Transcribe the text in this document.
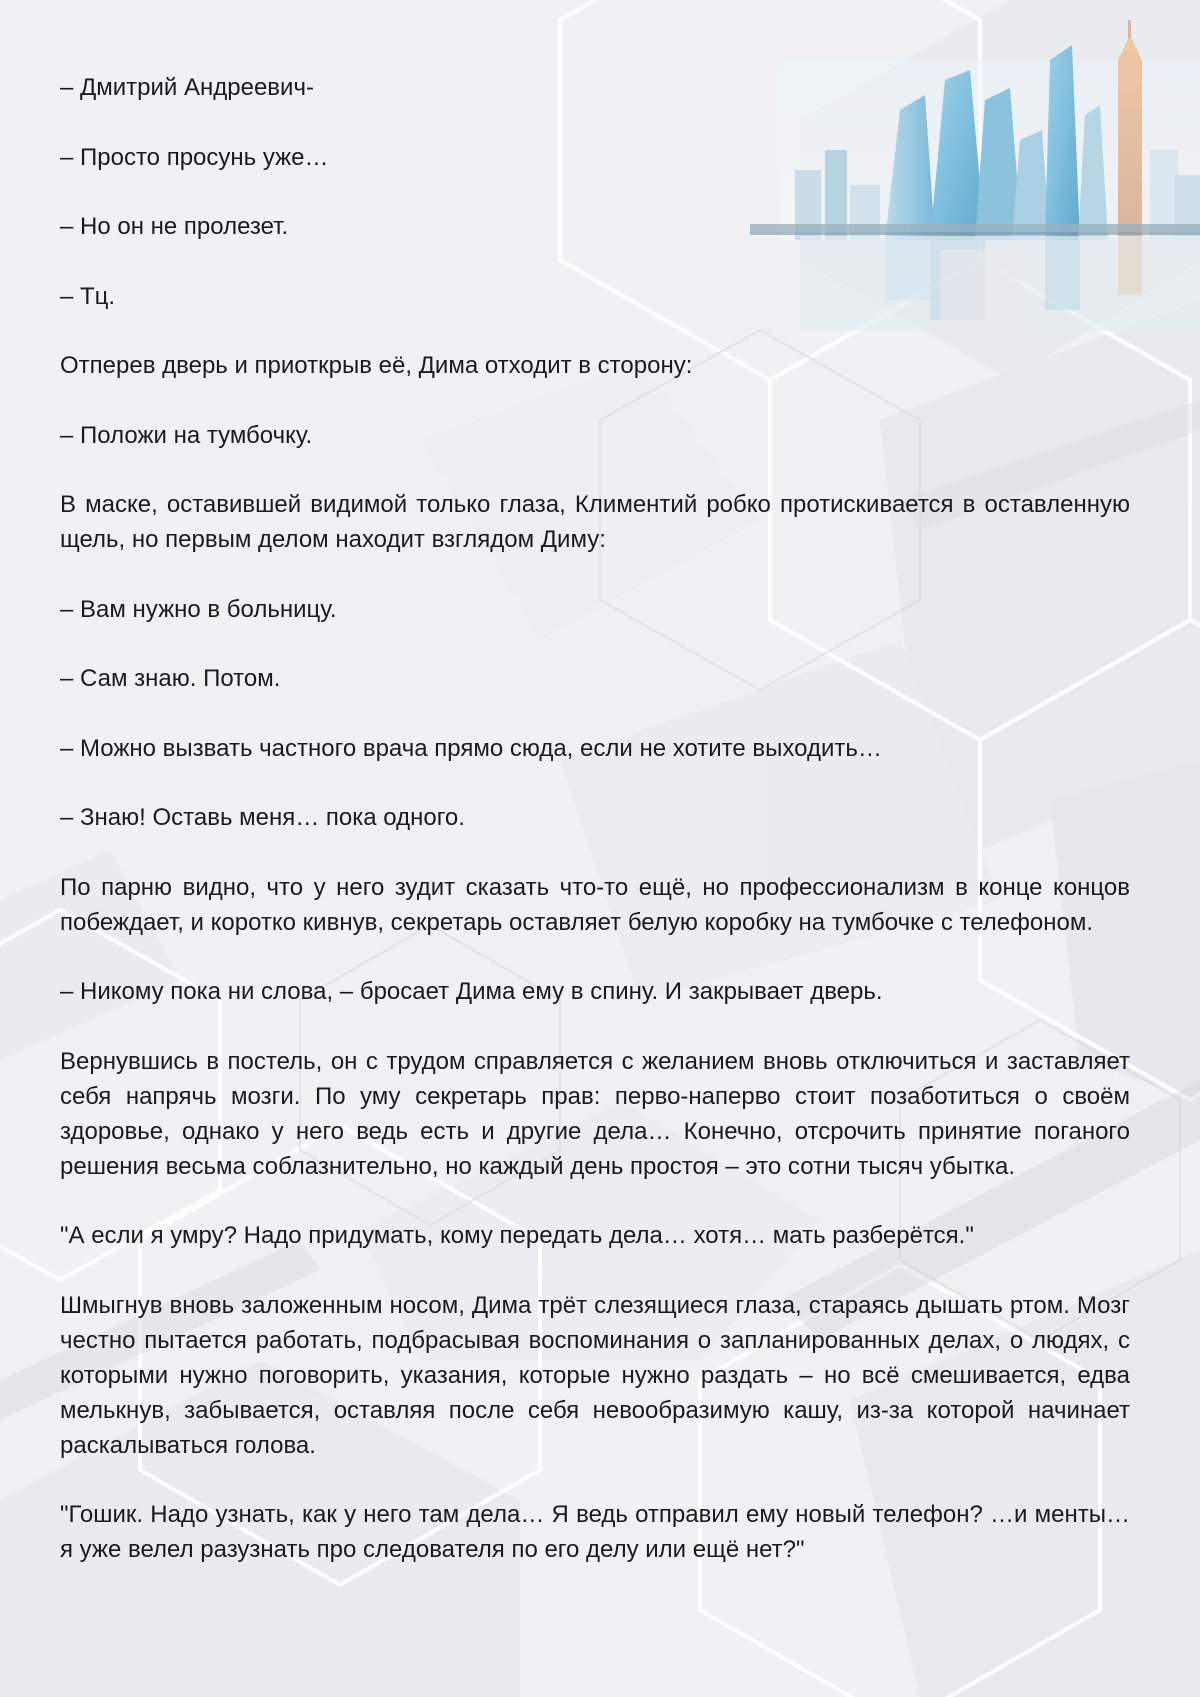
– Дмитрий Андреевич-

– Просто просунь уже…

– Но он не пролезет.

– Тц.

Отперев дверь и приоткрыв её, Дима отходит в сторону:

– Положи на тумбочку.

В маске, оставившей видимой только глаза, Климентий робко протискивается в оставленную щель, но первым делом находит взглядом Диму:

– Вам нужно в больницу.

– Сам знаю. Потом.

– Можно вызвать частного врача прямо сюда, если не хотите выходить…

– Знаю! Оставь меня… пока одного.

По парню видно, что у него зудит сказать что-то ещё, но профессионализм в конце концов побеждает, и коротко кивнув, секретарь оставляет белую коробку на тумбочке с телефоном.

– Никому пока ни слова, – бросает Дима ему в спину. И закрывает дверь.

Вернувшись в постель, он с трудом справляется с желанием вновь отключиться и заставляет себя напрячь мозги. По уму секретарь прав: перво-наперво стоит позаботиться о своём здоровье, однако у него ведь есть и другие дела… Конечно, отсрочить принятие поганого решения весьма соблазнительно, но каждый день простоя – это сотни тысяч убытка.

"А если я умру? Надо придумать, кому передать дела… хотя… мать разберётся."

Шмыгнув вновь заложенным носом, Дима трёт слезящиеся глаза, стараясь дышать ртом. Мозг честно пытается работать, подбрасывая воспоминания о запланированных делах, о людях, с которыми нужно поговорить, указания, которые нужно раздать – но всё смешивается, едва мелькнув, забывается, оставляя после себя невообразимую кашу, из-за которой начинает раскалываться голова.

"Гошик. Надо узнать, как у него там дела… Я ведь отправил ему новый телефон? …и менты… я уже велел разузнать про следователя по его делу или ещё нет?"
